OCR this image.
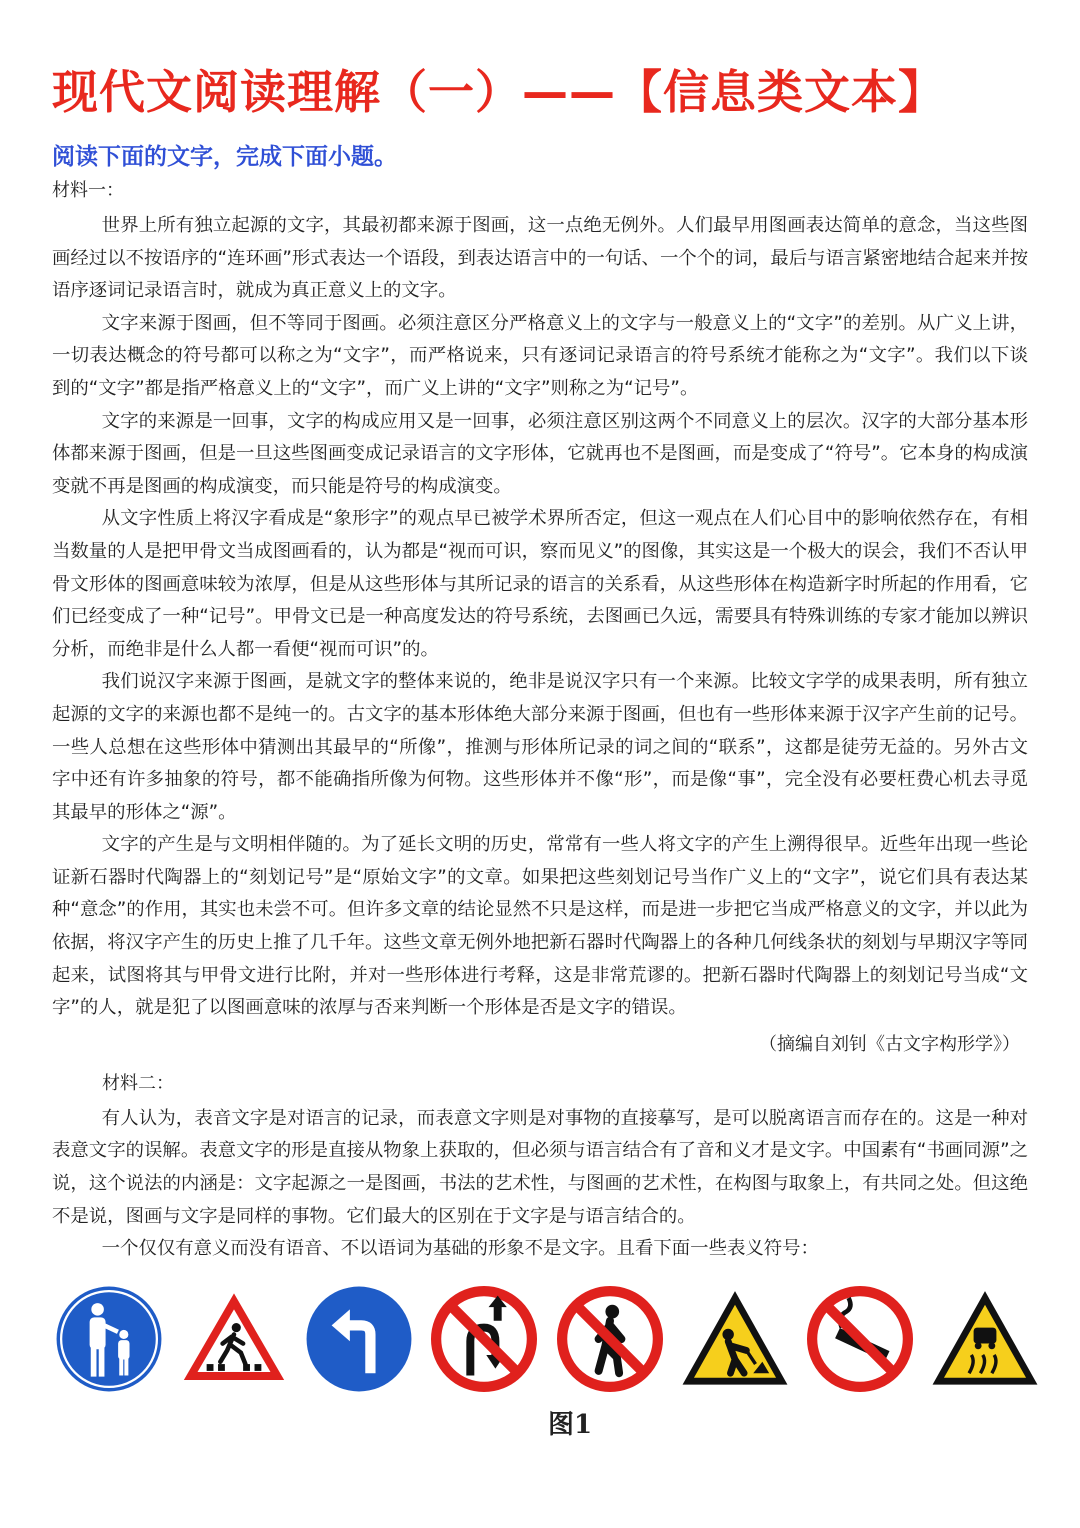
现代文阅读理解（一）——【信息类文本】
阅读下面的文字，完成下面小题。
材料一：

世界上所有独立起源的文字，其最初都来源于图画，这一点绝无例外。人们最早用图画表达简单的意念，当这些图画经过以不按语序的“连环画”形式表达一个语段，到表达语言中的一句话、一个个的词，最后与语言紧密地结合起来并按语序逐词记录语言时，就成为真正意义上的文字。

文字来源于图画，但不等同于图画。必须注意区分严格意义上的文字与一般意义上的“文字”的差别。从广义上讲，一切表达概念的符号都可以称之为“文字”，而严格说来，只有逐词记录语言的符号系统才能称之为“文字”。我们以下谈到的“文字”都是指严格意义上的“文字”，而广义上讲的“文字”则称之为“记号”。

文字的来源是一回事，文字的构成应用又是一回事，必须注意区别这两个不同意义上的层次。汉字的大部分基本形体都来源于图画，但是一旦这些图画变成记录语言的文字形体，它就再也不是图画，而是变成了“符号”。它本身的构成演变就不再是图画的构成演变，而只能是符号的构成演变。

从文字性质上将汉字看成是“象形字”的观点早已被学术界所否定，但这一观点在人们心目中的影响依然存在，有相当数量的人是把甲骨文当成图画看的，认为都是“视而可识，察而见义”的图像，其实这是一个极大的误会，我们不否认甲骨文形体的图画意味较为浓厚，但是从这些形体与其所记录的语言的关系看，从这些形体在构造新字时所起的作用看，它们已经变成了一种“记号”。甲骨文已是一种高度发达的符号系统，去图画已久远，需要具有特殊训练的专家才能加以辨识分析，而绝非是什么人都一看便“视而可识”的。

我们说汉字来源于图画，是就文字的整体来说的，绝非是说汉字只有一个来源。比较文字学的成果表明，所有独立起源的文字的来源也都不是纯一的。古文字的基本形体绝大部分来源于图画，但也有一些形体来源于汉字产生前的记号。一些人总想在这些形体中猜测出其最早的“所像”，推测与形体所记录的词之间的“联系”，这都是徒劳无益的。另外古文字中还有许多抽象的符号，都不能确指所像为何物。这些形体并不像“形”，而是像“事”，完全没有必要枉费心机去寻觅其最早的形体之“源”。

文字的产生是与文明相伴随的。为了延长文明的历史，常常有一些人将文字的产生上溯得很早。近些年出现一些论证新石器时代陶器上的“刻划记号”是“原始文字”的文章。如果把这些刻划记号当作广义上的“文字”，说它们具有表达某种“意念”的作用，其实也未尝不可。但许多文章的结论显然不只是这样，而是进一步把它当成严格意义的文字，并以此为依据，将汉字产生的历史上推了几千年。这些文章无例外地把新石器时代陶器上的各种几何线条状的刻划与早期汉字等同起来，试图将其与甲骨文进行比附，并对一些形体进行考释，这是非常荒谬的。把新石器时代陶器上的刻划记号当成“文字”的人，就是犯了以图画意味的浓厚与否来判断一个形体是否是文字的错误。

（摘编自刘钊《古文字构形学》）
材料二：

有人认为，表音文字是对语言的记录，而表意文字则是对事物的直接摹写，是可以脱离语言而存在的。这是一种对表意文字的误解。表意文字的形是直接从物象上获取的，但必须与语言结合有了音和义才是文字。中国素有“书画同源”之说，这个说法的内涵是：文字起源之一是图画，书法的艺术性，与图画的艺术性，在构图与取象上，有共同之处。但这绝不是说，图画与文字是同样的事物。它们最大的区别在于文字是与语言结合的。

一个仅仅有意义而没有语音、不以语词为基础的形象不是文字。且看下面一些表义符号：

图1
